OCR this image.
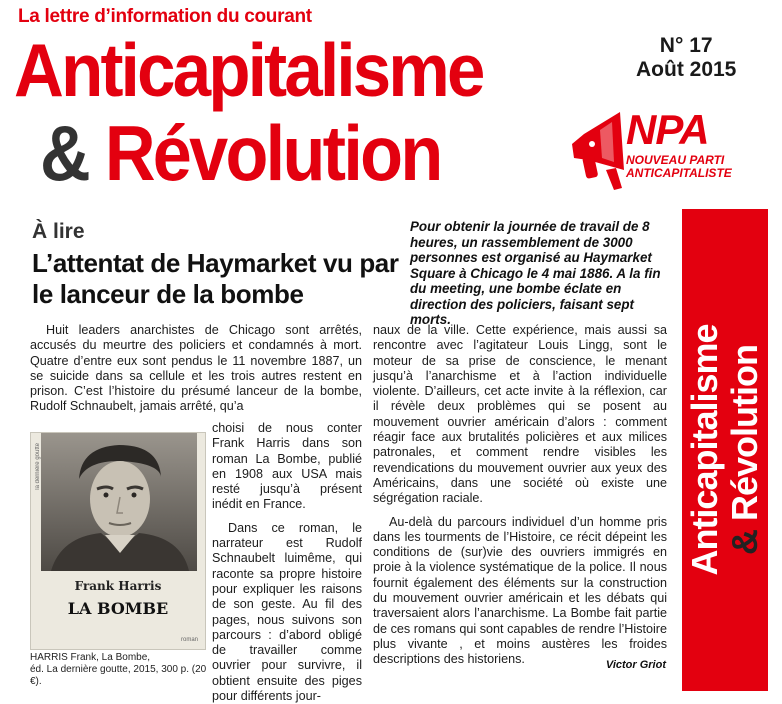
La lettre d’information du courant
Anticapitalisme
& Révolution
N° 17
Août 2015
NPA
NOUVEAU PARTI
ANTICAPITALISTE
À lire
L’attentat de Haymarket vu par le lanceur de la bombe
Pour obtenir la journée de travail de 8 heures, un rassemblement de 3000 personnes est organisé au Haymarket Square à Chicago le 4 mai 1886. A la fin du meeting, une bombe éclate en direction des policiers, faisant sept morts.

Huit leaders anarchistes de Chicago sont arrêtés, accusés du meurtre des policiers et condamnés à mort. Quatre d’entre eux sont pendus le 11 novembre 1887, un se suicide dans sa cellule et les trois autres restent en prison. C’est l’histoire du présumé lanceur de la bombe, Rudolf Schnaubelt, jamais arrêté, qu’a

choisi de nous conter Frank Harris dans son roman La Bombe, publié en 1908 aux USA mais resté jusqu’à présent inédit en France.

Dans ce roman, le narrateur est Rudolf Schnaubelt luimême, qui raconte sa propre histoire pour expliquer les raisons de son geste. Au fil des pages, nous suivons son parcours : d’abord obligé de travailler comme ouvrier pour survivre, il obtient ensuite des piges pour différents jour-

naux de la ville. Cette expérience, mais aussi sa rencontre avec l’agitateur Louis Lingg, sont le moteur de sa prise de conscience, le menant jusqu’à l’anarchisme et à l’action individuelle violente. D’ailleurs, cet acte invite à la réflexion, car il révèle deux problèmes qui se posent au mouvement ouvrier américain d’alors : comment réagir face aux brutalités policières et aux milices patronales, et comment rendre visibles les revendications du mouvement ouvrier aux yeux des Américains, dans une société où existe une ségrégation raciale.

Au-delà du parcours individuel d’un homme pris dans les tourments de l’Histoire, ce récit dépeint les conditions de (sur)vie des ouvriers immigrés en proie à la violence systématique de la police. Il nous fournit également des éléments sur la construction du mouvement ouvrier américain et les débats qui traversaient alors l’anarchisme. La Bombe fait partie de ces romans qui sont capables de rendre l’Histoire plus vivante , et moins austères les froides descriptions des historiens.	Victor Griot
la dernière goutte
Frank Harris
LA BOMBE
roman
HARRIS Frank, La Bombe,
éd. La dernière goutte, 2015, 300 p. (20 €).
Anticapitalisme & Révolution
